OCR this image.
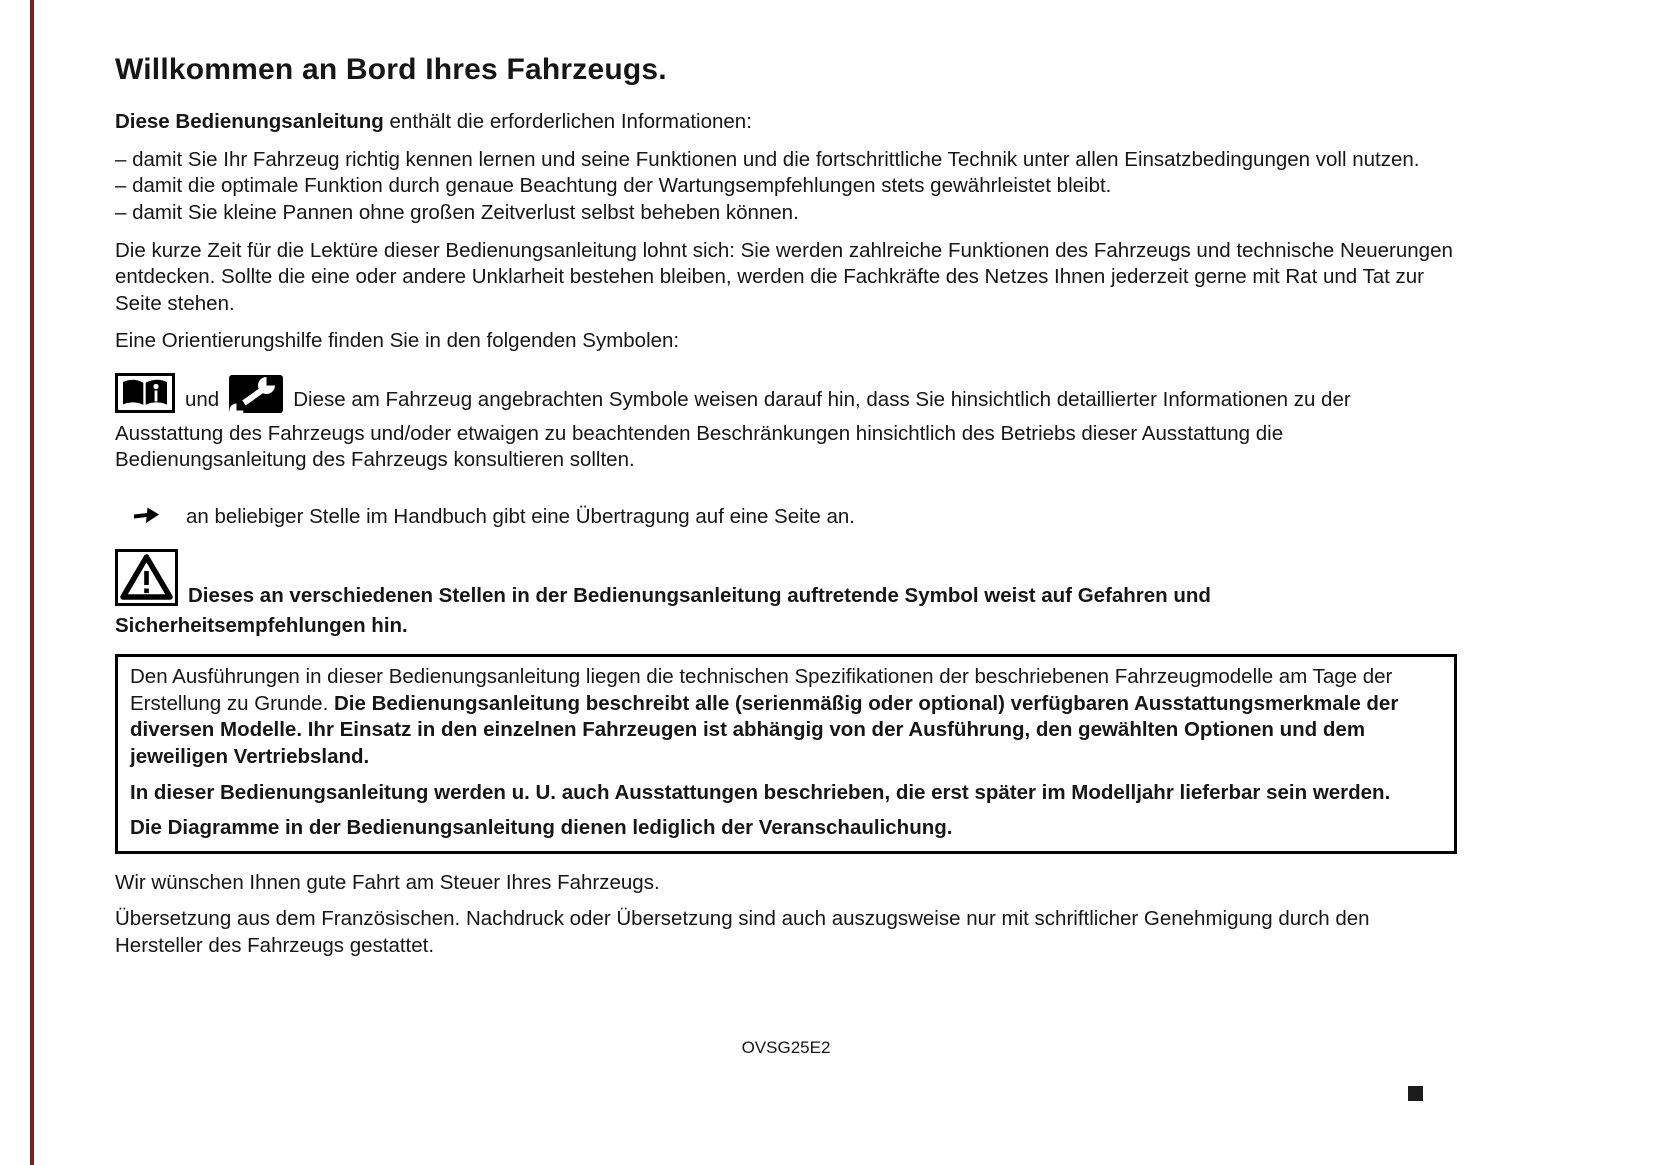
Willkommen an Bord Ihres Fahrzeugs.

Diese Bedienungsanleitung enthält die erforderlichen Informationen:

– damit Sie Ihr Fahrzeug richtig kennen lernen und seine Funktionen und die fortschrittliche Technik unter allen Einsatzbedingungen voll nutzen.

– damit die optimale Funktion durch genaue Beachtung der Wartungsempfehlungen stets gewährleistet bleibt.

– damit Sie kleine Pannen ohne großen Zeitverlust selbst beheben können.

Die kurze Zeit für die Lektüre dieser Bedienungsanleitung lohnt sich: Sie werden zahlreiche Funktionen des Fahrzeugs und technische Neuerungen entdecken. Sollte die eine oder andere Unklarheit bestehen bleiben, werden die Fachkräfte des Netzes Ihnen jederzeit gerne mit Rat und Tat zur Seite stehen.

Eine Orientierungshilfe finden Sie in den folgenden Symbolen:

und	Diese am Fahrzeug angebrachten Symbole weisen darauf hin, dass Sie hinsichtlich detaillierter Informationen zu der Ausstattung des Fahrzeugs und/oder etwaigen zu beachtenden Beschränkungen hinsichtlich des Betriebs dieser Ausstattung die Bedienungsanleitung des Fahrzeugs konsultieren sollten.

an beliebiger Stelle im Handbuch gibt eine Übertragung auf eine Seite an.

Dieses an verschiedenen Stellen in der Bedienungsanleitung auftretende Symbol weist auf Gefahren und Sicherheitsempfehlungen hin.

Den Ausführungen in dieser Bedienungsanleitung liegen die technischen Spezifikationen der beschriebenen Fahrzeugmodelle am Tage der Erstellung zu Grunde. Die Bedienungsanleitung beschreibt alle (serienmäßig oder optional) verfügbaren Ausstattungsmerkmale der diversen Modelle. Ihr Einsatz in den einzelnen Fahrzeugen ist abhängig von der Ausführung, den gewählten Optionen und dem jeweiligen Vertriebsland.

In dieser Bedienungsanleitung werden u. U. auch Ausstattungen beschrieben, die erst später im Modelljahr lieferbar sein werden.

Die Diagramme in der Bedienungsanleitung dienen lediglich der Veranschaulichung.

Wir wünschen Ihnen gute Fahrt am Steuer Ihres Fahrzeugs.

Übersetzung aus dem Französischen. Nachdruck oder Übersetzung sind auch auszugsweise nur mit schriftlicher Genehmigung durch den Hersteller des Fahrzeugs gestattet.

OVSG25E2
